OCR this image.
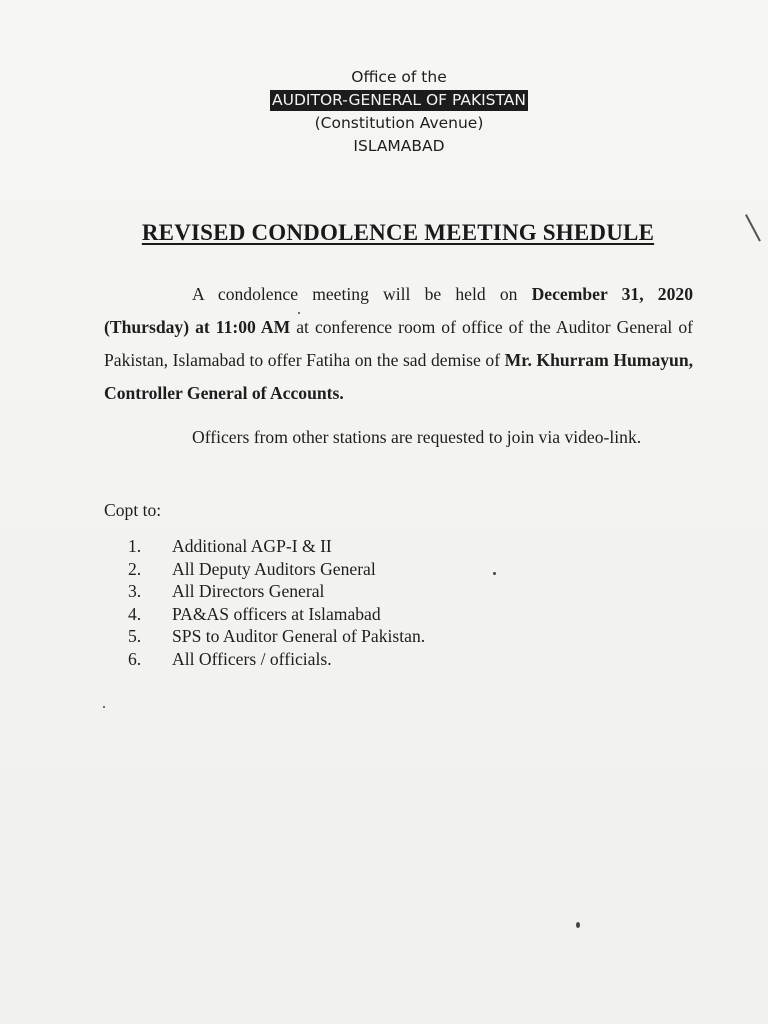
Office of the
AUDITOR-GENERAL OF PAKISTAN
(Constitution Avenue)
ISLAMABAD
REVISED CONDOLENCE MEETING SHEDULE
A condolence meeting will be held on December 31, 2020 (Thursday) at 11:00 AM at conference room of office of the Auditor General of Pakistan, Islamabad to offer Fatiha on the sad demise of Mr. Khurram Humayun, Controller General of Accounts.
Officers from other stations are requested to join via video-link.
Copt to:
1.	Additional AGP-I & II
2.	All Deputy Auditors General
3.	All Directors General
4.	PA&AS officers at Islamabad
5.	SPS to Auditor General of Pakistan.
6.	All Officers / officials.
